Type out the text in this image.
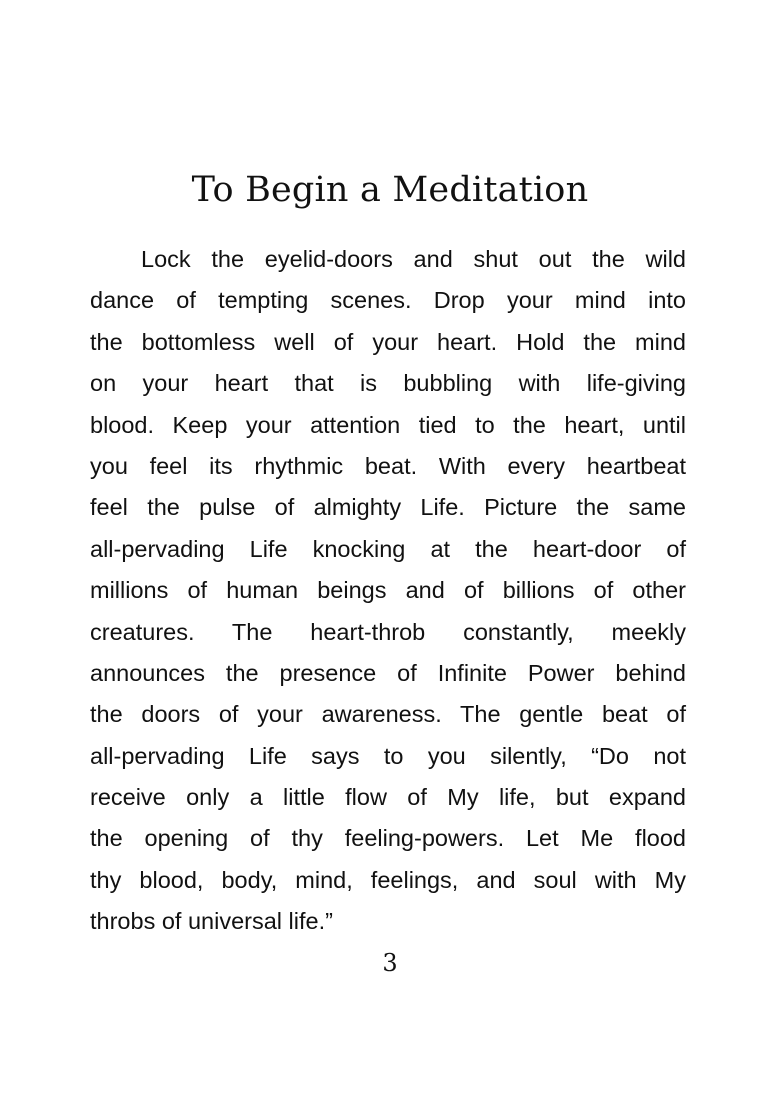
To Begin a Meditation
Lock the eyelid-doors and shut out the wild
dance of tempting scenes. Drop your mind into
the bottomless well of your heart. Hold the mind
on your heart that is bubbling with life-giving
blood. Keep your attention tied to the heart, until
you feel its rhythmic beat. With every heartbeat
feel the pulse of almighty Life. Picture the same
all-pervading Life knocking at the heart-door of
millions of human beings and of billions of other
creatures. The heart-throb constantly, meekly
announces the presence of Infinite Power behind
the doors of your awareness. The gentle beat of
all-pervading Life says to you silently, “Do not
receive only a little flow of My life, but expand
the opening of thy feeling-powers. Let Me flood
thy blood, body, mind, feelings, and soul with My
throbs of universal life.”
3
